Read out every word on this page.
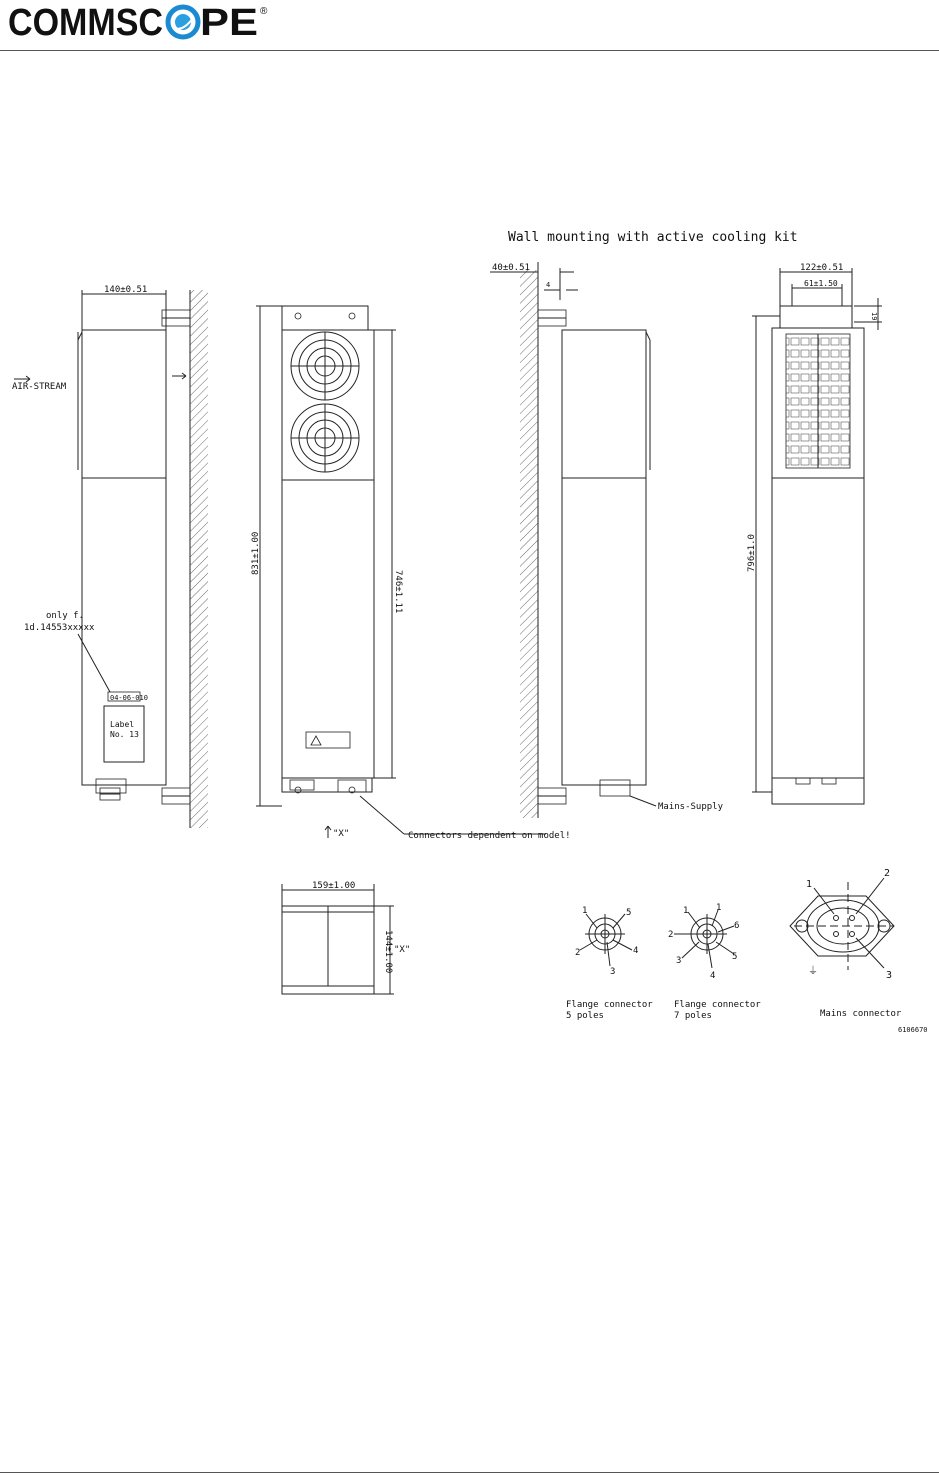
COMMSC PE ®
Wall mounting with active cooling kit
140±0.51
AIR-STREAM
only f.
1d.14553xxxxx
04-06-010
Label
No. 13
831±1.00
746±1.11
"X"	Connectors dependent on model!
40±0.51
4
Mains-Supply
122±0.51
61±1.50
19
796±1.0
159±1.00
144±1.00 "X"
1	5
2	4
3
Flange connector
5 poles
1	1
2
6
3	5
4
Flange connector
7 poles
1
2
⏚	3
Mains connector
6106670
